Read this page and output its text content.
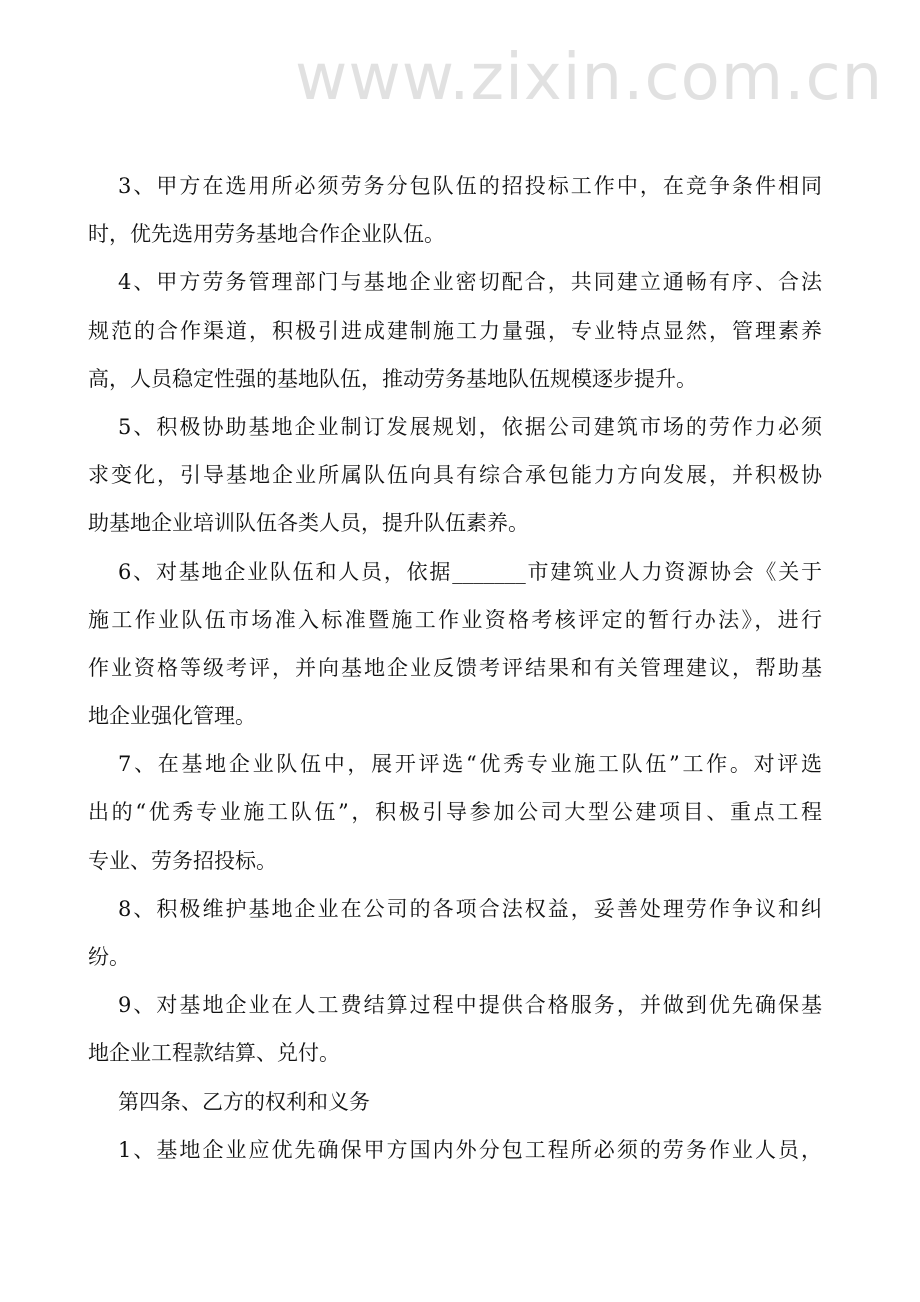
www.zixin.com.cn
3、甲方在选用所必须劳务分包队伍的招投标工作中，在竞争条件相同
时，优先选用劳务基地合作企业队伍。
4、甲方劳务管理部门与基地企业密切配合，共同建立通畅有序、合法
规范的合作渠道，积极引进成建制施工力量强，专业特点显然，管理素养
高，人员稳定性强的基地队伍，推动劳务基地队伍规模逐步提升。
5、积极协助基地企业制订发展规划，依据公司建筑市场的劳作力必须
求变化，引导基地企业所属队伍向具有综合承包能力方向发展，并积极协
助基地企业培训队伍各类人员，提升队伍素养。
6、对基地企业队伍和人员，依据_______市建筑业人力资源协会《关于
施工作业队伍市场准入标准暨施工作业资格考核评定的暂行办法》，进行
作业资格等级考评，并向基地企业反馈考评结果和有关管理建议，帮助基
地企业强化管理。
7、在基地企业队伍中，展开评选“优秀专业施工队伍”工作。对评选
出的“优秀专业施工队伍”，积极引导参加公司大型公建项目、重点工程
专业、劳务招投标。
8、积极维护基地企业在公司的各项合法权益，妥善处理劳作争议和纠
纷。
9、对基地企业在人工费结算过程中提供合格服务，并做到优先确保基
地企业工程款结算、兑付。
第四条、乙方的权利和义务
1、基地企业应优先确保甲方国内外分包工程所必须的劳务作业人员，
